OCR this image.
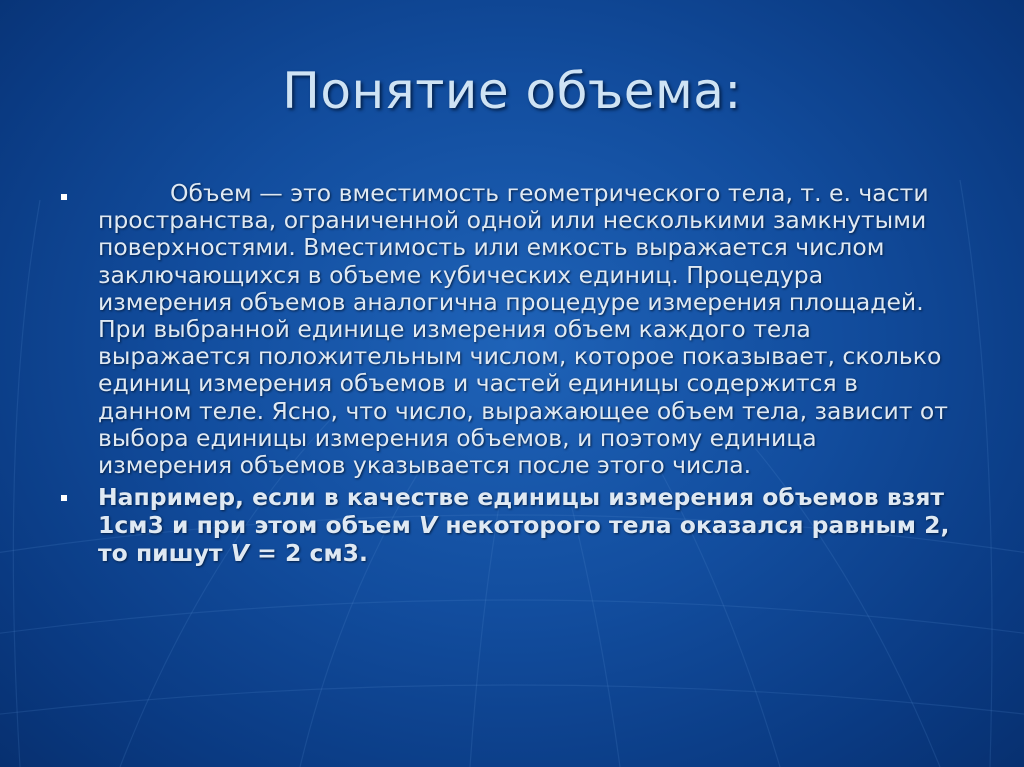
Понятие объема:
Объем — это вместимость геометрического тела, т. е. части пространства, ограниченной одной или несколькими замкнутыми поверхностями. Вместимость или емкость выражается числом заключающихся в объеме кубических единиц. Процедура измерения объемов аналогична процедуре измерения площадей. При выбранной единице измерения объем каждого тела выражается положительным числом, которое показывает, сколько единиц измерения объемов и частей единицы содержится в данном теле. Ясно, что число, выражающее объем тела, зависит от выбора единицы измерения объемов, и поэтому единица измерения объемов указывается после этого числа.
Например, если в качестве единицы измерения объемов взят 1см3 и при этом объем V некоторого тела оказался равным 2, то пишут V = 2 см3.
